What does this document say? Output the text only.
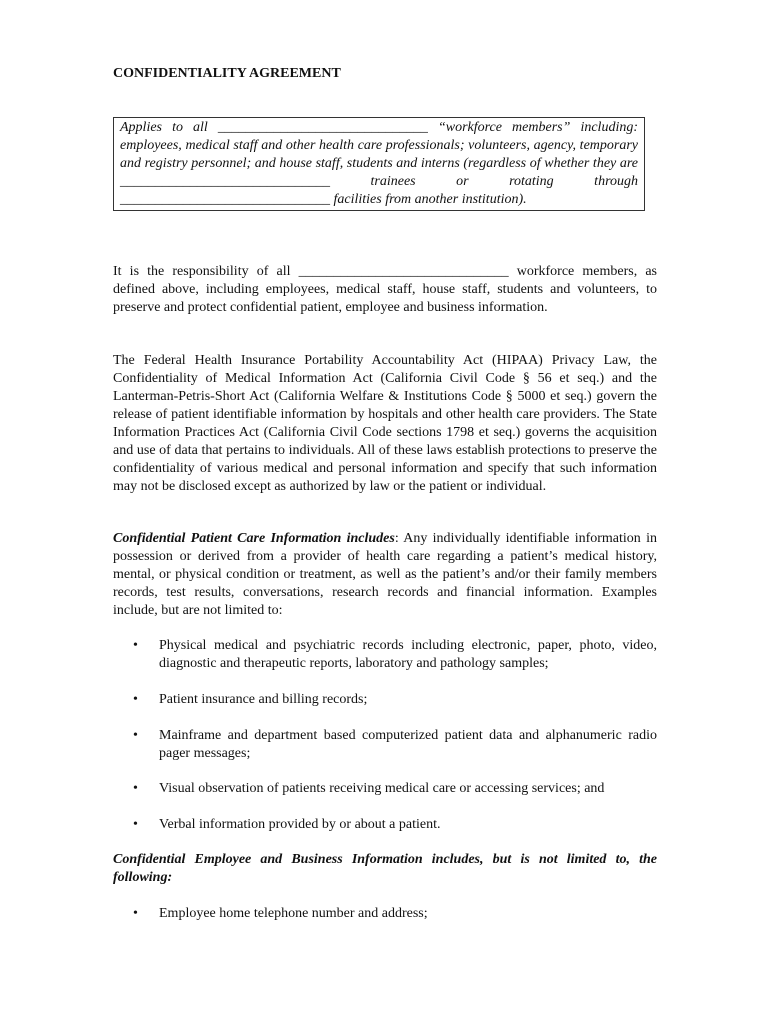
CONFIDENTIALITY AGREEMENT
Applies to all ______________________________ “workforce members” including: employees, medical staff and other health care professionals; volunteers, agency, temporary and registry personnel; and house staff, students and interns (regardless of whether they are ______________________________ trainees or rotating through ______________________________ facilities from another institution).
It is the responsibility of all ______________________________ workforce members, as defined above, including employees, medical staff, house staff, students and volunteers, to preserve and protect confidential patient, employee and business information.
The Federal Health Insurance Portability Accountability Act (HIPAA) Privacy Law, the Confidentiality of Medical Information Act (California Civil Code § 56 et seq.) and the Lanterman-Petris-Short Act (California Welfare & Institutions Code § 5000 et seq.) govern the release of patient identifiable information by hospitals and other health care providers. The State Information Practices Act (California Civil Code sections 1798 et seq.) governs the acquisition and use of data that pertains to individuals. All of these laws establish protections to preserve the confidentiality of various medical and personal information and specify that such information may not be disclosed except as authorized by law or the patient or individual.
Confidential Patient Care Information includes: Any individually identifiable information in possession or derived from a provider of health care regarding a patient’s medical history, mental, or physical condition or treatment, as well as the patient’s and/or their family members records, test results, conversations, research records and financial information. Examples include, but are not limited to:
•	Physical medical and psychiatric records including electronic, paper, photo, video, diagnostic and therapeutic reports, laboratory and pathology samples;
•	Patient insurance and billing records;
•	Mainframe and department based computerized patient data and alphanumeric radio pager messages;
•	Visual observation of patients receiving medical care or accessing services; and
•	Verbal information provided by or about a patient.
Confidential Employee and Business Information includes, but is not limited to, the following:
•	Employee home telephone number and address;
